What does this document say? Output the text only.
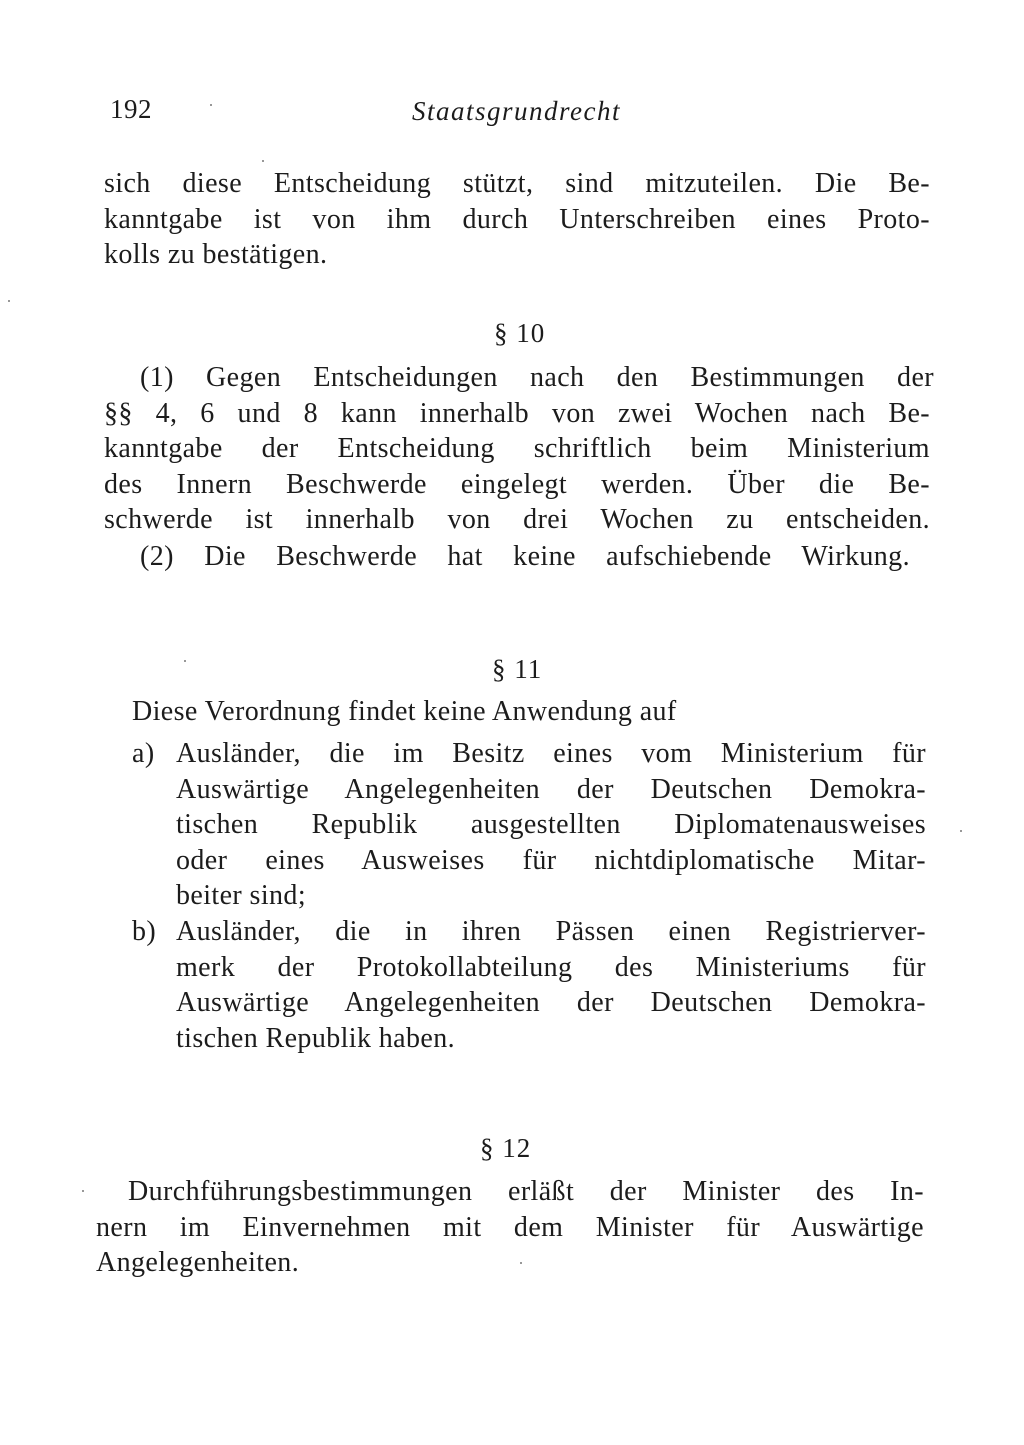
192	Staatsgrundrecht
sich diese Entscheidung stützt, sind mitzuteilen. Die Be-
kanntgabe ist von ihm durch Unterschreiben eines Proto-
kolls zu bestätigen.
§ 10
(1) Gegen Entscheidungen nach den Bestimmungen der
§§ 4, 6 und 8 kann innerhalb von zwei Wochen nach Be-
kanntgabe der Entscheidung schriftlich beim Ministerium
des Innern Beschwerde eingelegt werden. Über die Be-
schwerde ist innerhalb von drei Wochen zu entscheiden.
(2) Die Beschwerde hat keine aufschiebende Wirkung.
§ 11
Diese Verordnung findet keine Anwendung auf
a) Ausländer, die im Besitz eines vom Ministerium für
Auswärtige Angelegenheiten der Deutschen Demokra-
tischen Republik ausgestellten Diplomatenausweises
oder eines Ausweises für nichtdiplomatische Mitar-
beiter sind;
b) Ausländer, die in ihren Pässen einen Registrierver-
merk der Protokollabteilung des Ministeriums für
Auswärtige Angelegenheiten der Deutschen Demokra-
tischen Republik haben.
§ 12
Durchführungsbestimmungen erläßt der Minister des In-
nern im Einvernehmen mit dem Minister für Auswärtige
Angelegenheiten.
